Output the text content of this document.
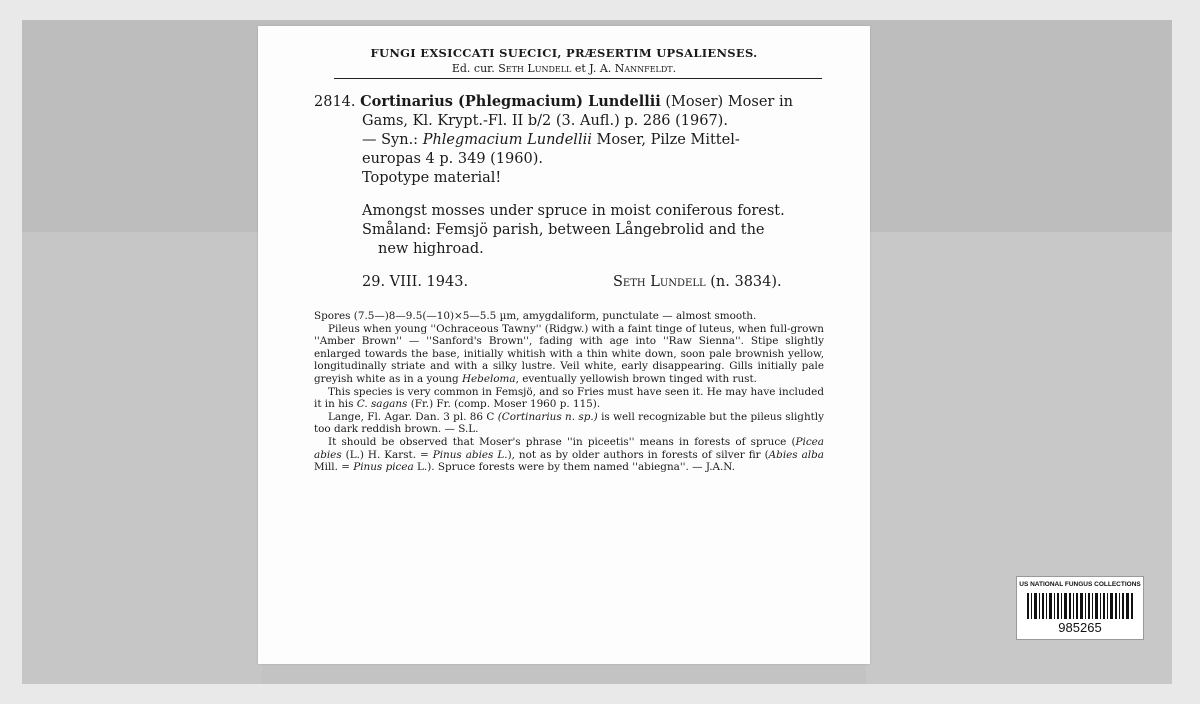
FUNGI EXSICCATI SUECICI, PRÆSERTIM UPSALIENSES.
Ed. cur. Seth Lundell et J. A. Nannfeldt.

2814. Cortinarius (Phlegmacium) Lundellii (Moser) Moser in

Gams, Kl. Krypt.-Fl. II b/2 (3. Aufl.) p. 286 (1967).

— Syn.: Phlegmacium Lundellii Moser, Pilze Mittel-

europas 4 p. 349 (1960).

Topotype material!

Amongst mosses under spruce in moist coniferous forest.

Småland: Femsjö parish, between Långebrolid and the

new highroad.

29. VIII. 1943.	Seth Lundell (n. 3834).

Spores (7.5—)8—9.5(—10)×5—5.5 µm, amygdaliform, punctulate — almost smooth.

Pileus when young ''Ochraceous Tawny'' (Ridgw.) with a faint tinge of luteus, when full-grown ''Amber Brown'' — ''Sanford's Brown'', fading with age into ''Raw Sienna''. Stipe slightly enlarged towards the base, initially whitish with a thin white down, soon pale brownish yellow, longitudinally striate and with a silky lustre. Veil white, early disappearing. Gills initially pale greyish white as in a young Hebeloma, eventually yellowish brown tinged with rust.

This species is very common in Femsjö, and so Fries must have seen it. He may have included it in his C. sagans (Fr.) Fr. (comp. Moser 1960 p. 115).

Lange, Fl. Agar. Dan. 3 pl. 86 C (Cortinarius n. sp.) is well recognizable but the pileus slightly too dark reddish brown. — S.L.

It should be observed that Moser's phrase ''in piceetis'' means in forests of spruce (Picea abies (L.) H. Karst. = Pinus abies L.), not as by older authors in forests of silver fir (Abies alba Mill. = Pinus picea L.). Spruce forests were by them named ''abiegna''. — J.A.N.

US NATIONAL FUNGUS COLLECTIONS
985265
